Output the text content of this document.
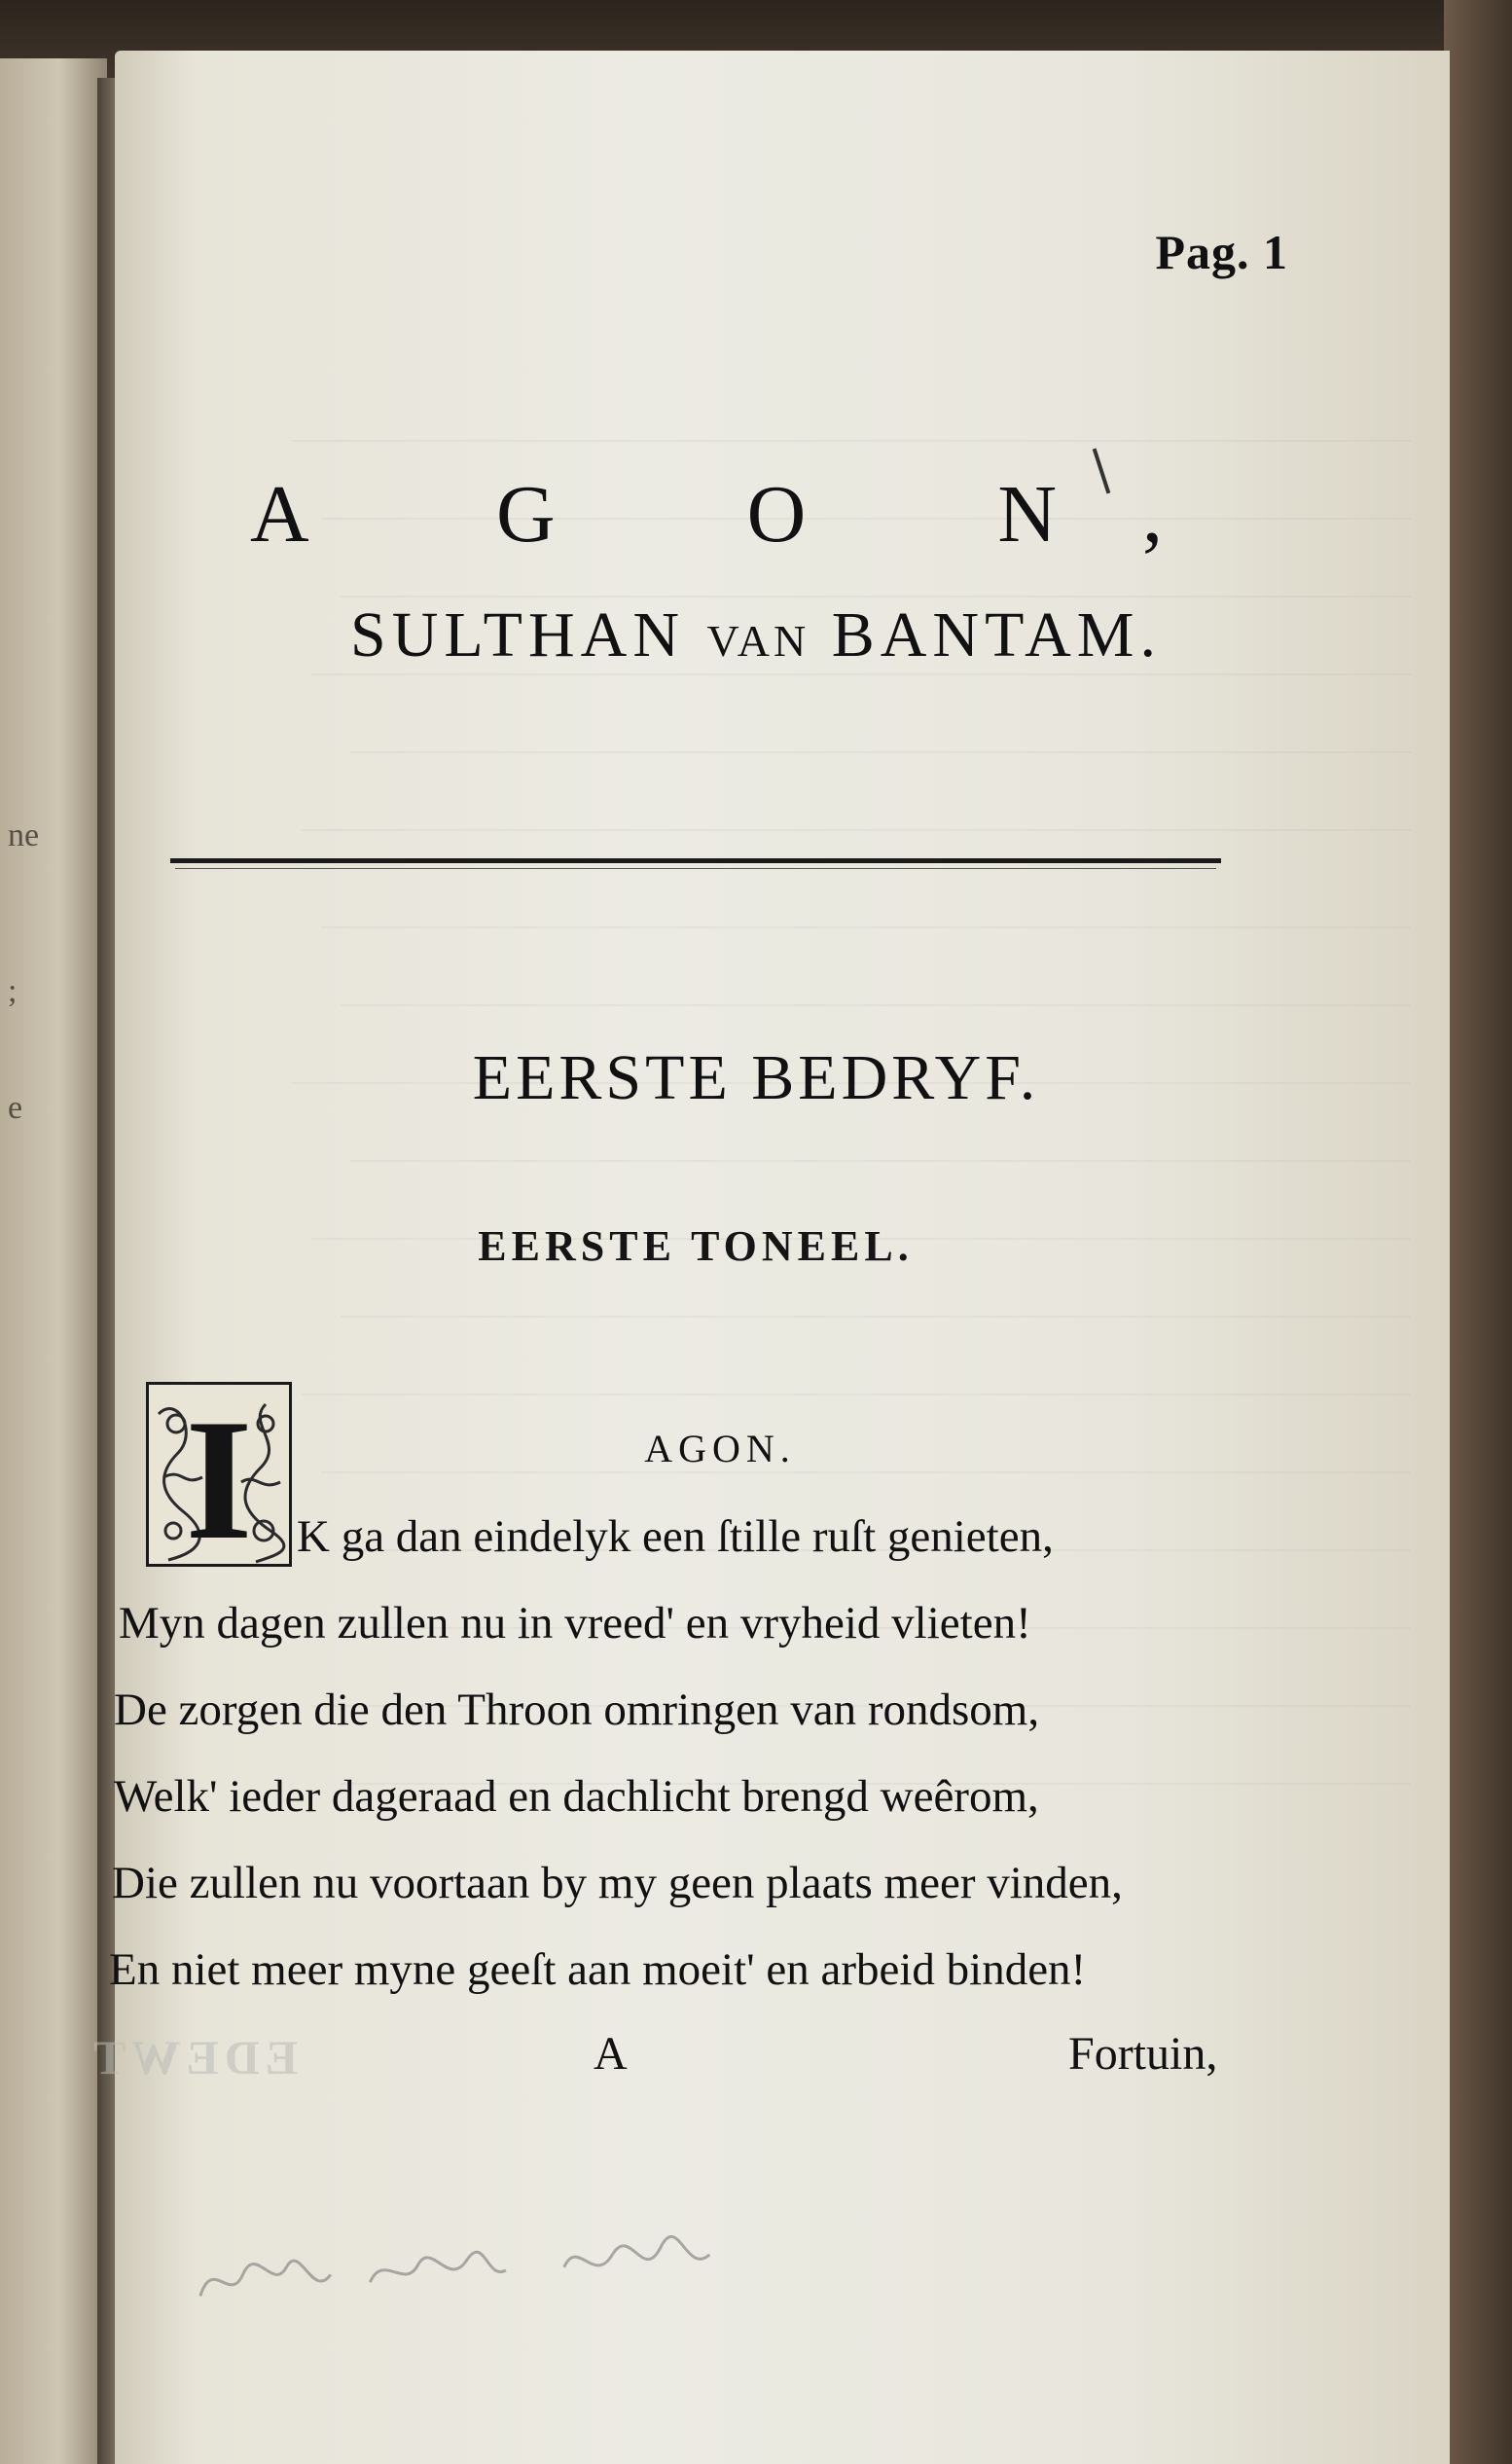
ne
;
e
Pag. 1
A G O N,
SULTHAN VAN BANTAM.
EERSTE BEDRYF.
EERSTE TONEEL.
I	AGON.
K ga dan eindelyk een ſtille ruſt genieten,
Myn dagen zullen nu in vreed' en vryheid vlieten!
De zorgen die den Throon omringen van rondsom,
Welk' ieder dageraad en dachlicht brengd weêrom,
Die zullen nu voortaan by my geen plaats meer vinden,
En niet meer myne geeſt aan moeit' en arbeid binden!
EDEWT	A	Fortuin,
